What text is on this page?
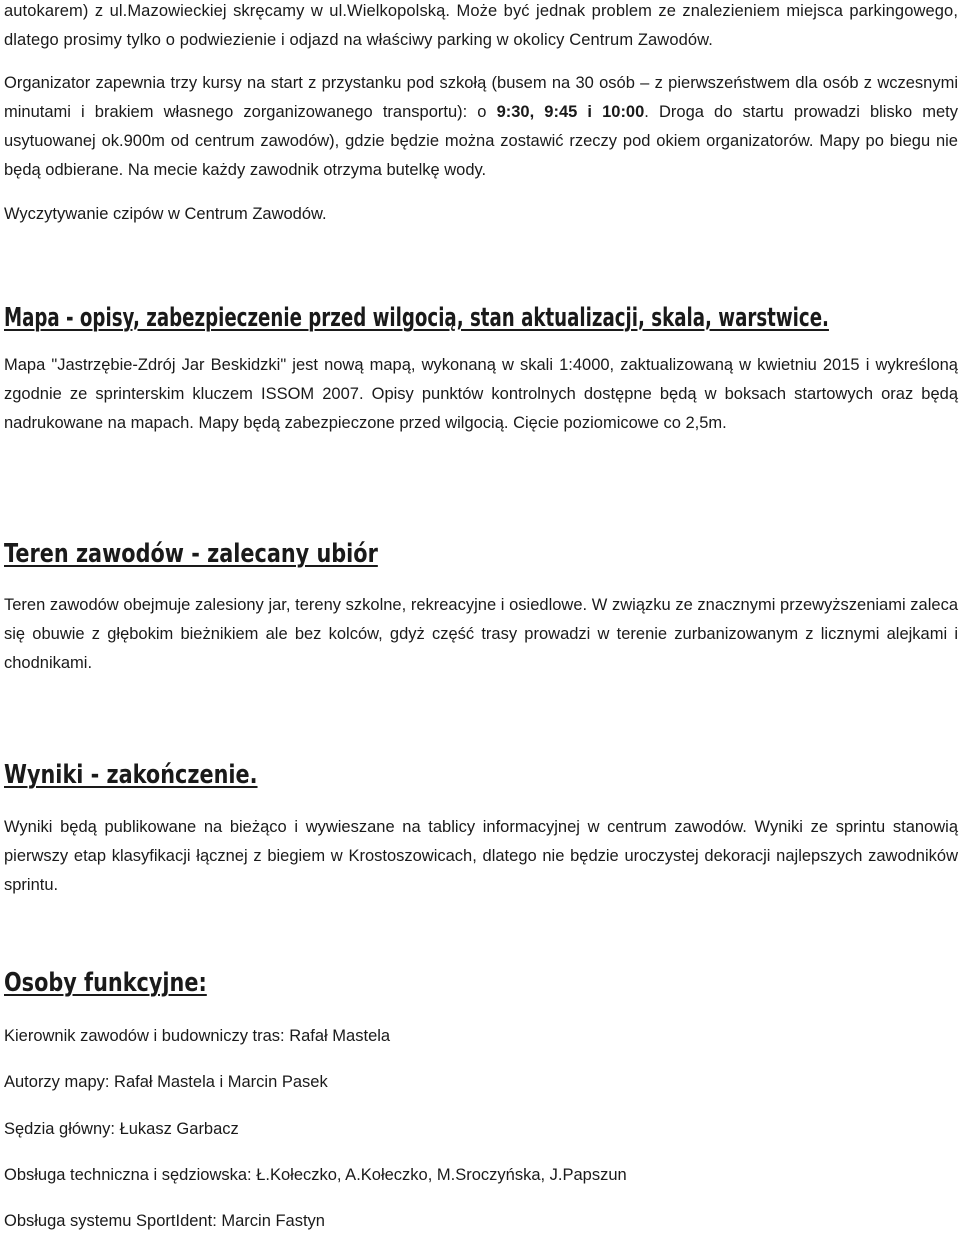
autokarem) z ul.Mazowieckiej skręcamy w ul.Wielkopolską. Może być jednak problem ze znalezieniem miejsca parkingowego, dlatego prosimy tylko o podwiezienie i odjazd na właściwy parking w okolicy Centrum Zawodów.

Organizator zapewnia trzy kursy na start z przystanku pod szkołą (busem na 30 osób – z pierwszeństwem dla osób z wczesnymi minutami i brakiem własnego zorganizowanego transportu): o 9:30, 9:45 i 10:00. Droga do startu prowadzi blisko mety usytuowanej ok.900m od centrum zawodów), gdzie będzie można zostawić rzeczy pod okiem organizatorów. Mapy po biegu nie będą odbierane. Na mecie każdy zawodnik otrzyma butelkę wody.

Wyczytywanie czipów w Centrum Zawodów.

Mapa - opisy, zabezpieczenie przed wilgocią, stan aktualizacji, skala, warstwice.

Mapa "Jastrzębie-Zdrój Jar Beskidzki" jest nową mapą, wykonaną w skali 1:4000, zaktualizowaną w kwietniu 2015 i wykreśloną zgodnie ze sprinterskim kluczem ISSOM 2007. Opisy punktów kontrolnych dostępne będą w boksach startowych oraz będą nadrukowane na mapach. Mapy będą zabezpieczone przed wilgocią. Cięcie poziomicowe co 2,5m.

Teren zawodów - zalecany ubiór

Teren zawodów obejmuje zalesiony jar, tereny szkolne, rekreacyjne i osiedlowe. W związku ze znacznymi przewyższeniami zaleca się obuwie z głębokim bieżnikiem ale bez kolców, gdyż część trasy prowadzi w terenie zurbanizowanym z licznymi alejkami i chodnikami.

Wyniki - zakończenie.

Wyniki będą publikowane na bieżąco i wywieszane na tablicy informacyjnej w centrum zawodów. Wyniki ze sprintu stanowią pierwszy etap klasyfikacji łącznej z biegiem w Krostoszowicach, dlatego nie będzie uroczystej dekoracji najlepszych zawodników sprintu.

Osoby funkcyjne:

Kierownik zawodów i budowniczy tras: Rafał Mastela

Autorzy mapy: Rafał Mastela i Marcin Pasek

Sędzia główny: Łukasz Garbacz

Obsługa techniczna i sędziowska: Ł.Kołeczko, A.Kołeczko, M.Sroczyńska, J.Papszun

Obsługa systemu SportIdent: Marcin Fastyn
